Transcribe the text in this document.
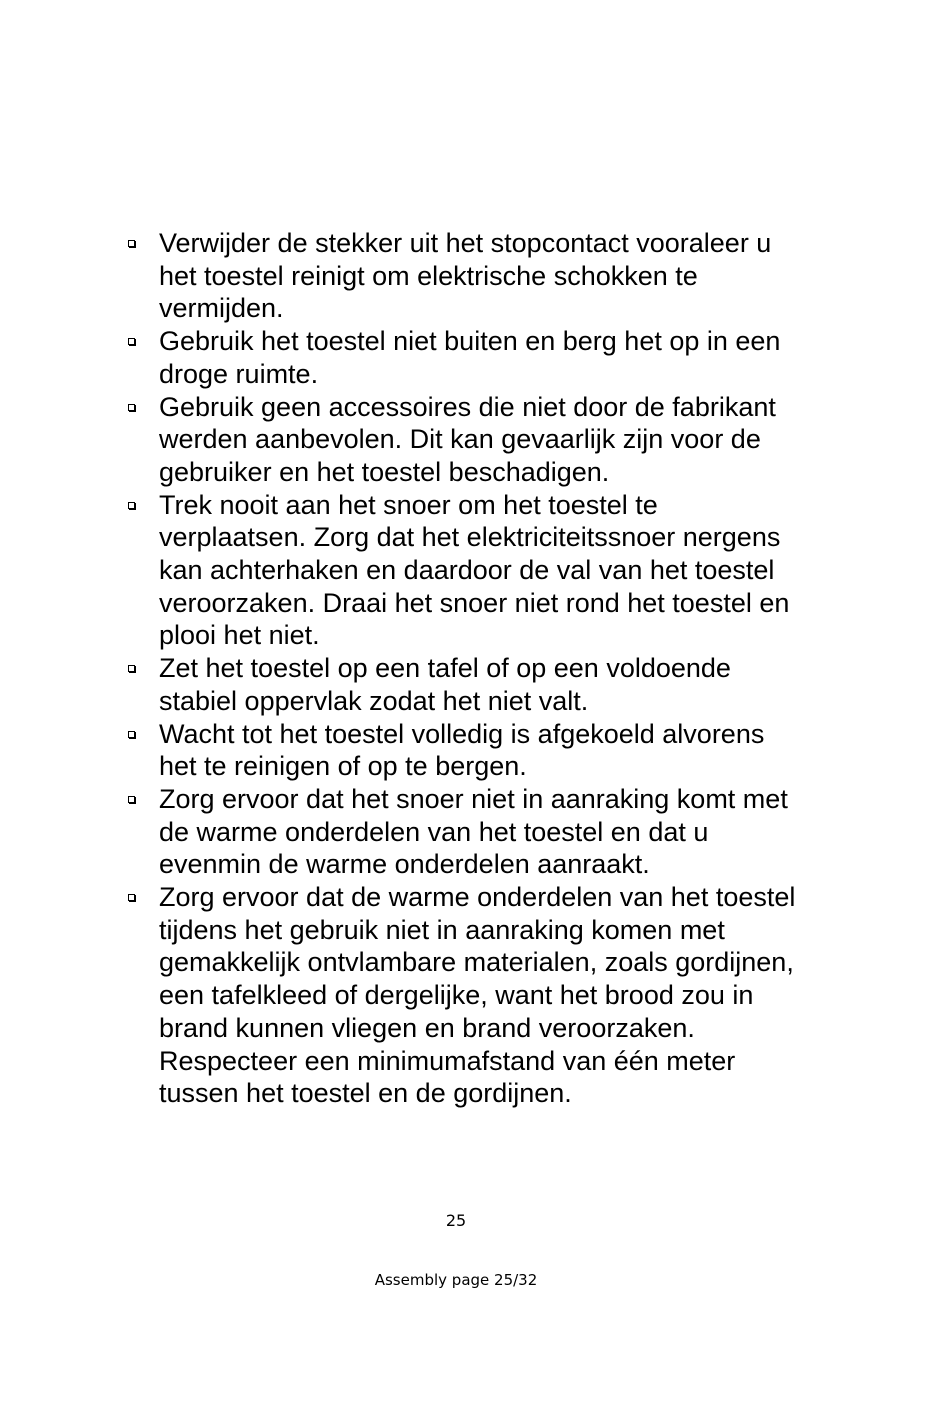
Verwijder de stekker uit het stopcontact vooraleer u het toestel reinigt om elektrische schokken te vermijden.
Gebruik het toestel niet buiten en berg het op in een droge ruimte.
Gebruik geen accessoires die niet door de fabrikant werden aanbevolen. Dit kan gevaarlijk zijn voor de gebruiker en het toestel beschadigen.
Trek nooit aan het snoer om het toestel te verplaatsen. Zorg dat het elektriciteitssnoer nergens kan achterhaken en daardoor de val van het toestel veroorzaken. Draai het snoer niet rond het toestel en plooi het niet.
Zet het toestel op een tafel of op een voldoende stabiel oppervlak zodat het niet valt.
Wacht tot het toestel volledig is afgekoeld alvorens het te reinigen of op te bergen.
Zorg ervoor dat het snoer niet in aanraking komt met de warme onderdelen van het toestel en dat u evenmin de warme onderdelen aanraakt.
Zorg ervoor dat de warme onderdelen van het toestel tijdens het gebruik niet in aanraking komen met gemakkelijk ontvlambare materialen, zoals gordijnen, een tafelkleed of dergelijke, want het brood zou in brand kunnen vliegen en brand veroorzaken. Respecteer een minimumafstand van één meter tussen het toestel en de gordijnen.
25
Assembly page 25/32
